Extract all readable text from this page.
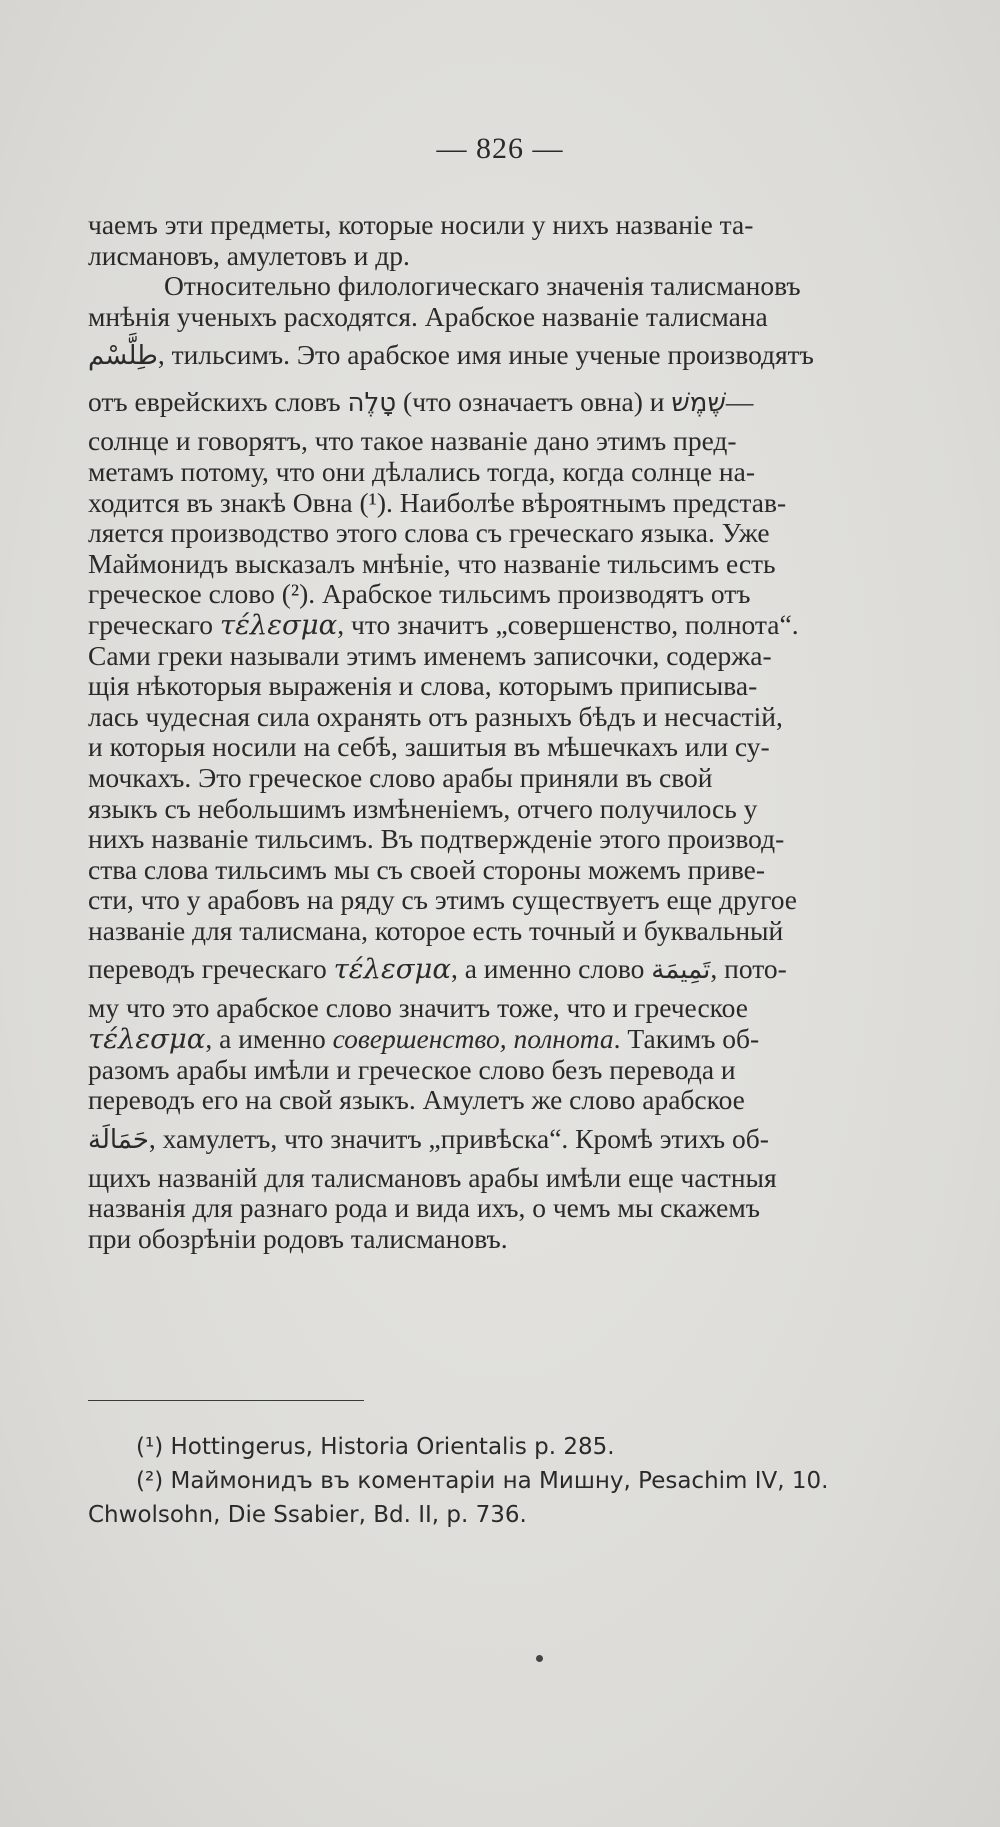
— 826 —
чаемъ эти предметы, которые носили у нихъ названіе та-
лисмановъ, амулетовъ и др.
Относительно филологическаго значенія талисмановъ
мнѣнія ученыхъ расходятся. Арабское названіе талисмана
طِلَّسْم, тильсимъ. Это арабское имя иные ученые производятъ
отъ еврейскихъ словъ טָלֶה (что означаетъ овна) и שֶׁמֶשׁ—
солнце и говорятъ, что такое названіе дано этимъ пред-
метамъ потому, что они дѣлались тогда, когда солнце на-
ходится въ знакѣ Овна (¹). Наиболѣе вѣроятнымъ представ-
ляется производство этого слова съ греческаго языка. Уже
Маймонидъ высказалъ мнѣніе, что названіе тильсимъ есть
греческое слово (²). Арабское тильсимъ производятъ отъ
греческаго τέλεσμα, что значитъ „совершенство, полнота“.
Сами греки называли этимъ именемъ записочки, содержа-
щія нѣкоторыя выраженія и слова, которымъ приписыва-
лась чудесная сила охранять отъ разныхъ бѣдъ и несчастій,
и которыя носили на себѣ, зашитыя въ мѣшечкахъ или су-
мочкахъ. Это греческое слово арабы приняли въ свой
языкъ съ небольшимъ измѣненіемъ, отчего получилось у
нихъ названіе тильсимъ. Въ подтвержденіе этого производ-
ства слова тильсимъ мы съ своей стороны можемъ приве-
сти, что у арабовъ на ряду съ этимъ существуетъ еще другое
названіе для талисмана, которое есть точный и буквальный
переводъ греческаго τέλεσμα, а именно слово تَمِيمَة, пото-
му что это арабское слово значитъ тоже, что и греческое
τέλεσμα, а именно совершенство, полнота. Такимъ об-
разомъ арабы имѣли и греческое слово безъ перевода и
переводъ его на свой языкъ. Амулетъ же слово арабское
حَمَالَة, хамулетъ, что значитъ „привѣска“. Кромѣ этихъ об-
щихъ названій для талисмановъ арабы имѣли еще частныя
названія для разнаго рода и вида ихъ, о чемъ мы скажемъ
при обозрѣніи родовъ талисмановъ.
(¹) Hottingerus, Historia Orientalis p. 285.
(²) Маймонидъ въ коментаріи на Мишну, Pesachim IV, 10.
Chwolsohn, Die Ssabier, Bd. II, p. 736.
